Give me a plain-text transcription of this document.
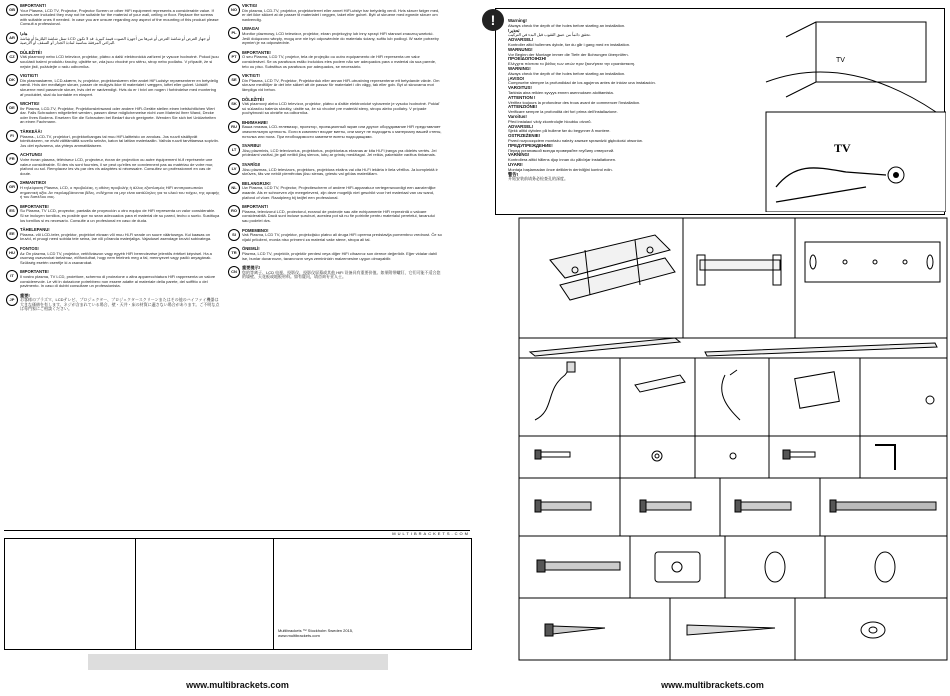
GB
IMPORTANT!
Your Plasma, LCD TV, Projector, Projector Screen or other HiFi equipment represents a considerable value. If screws are included they may not be suitable for the material of your wall, ceiling or floor. Replace the screws with suitable ones if needed. In case you are unsure regarding any aspect of the mounting of this product please Consult a professional.
AR
!هام
تمثل شاشة البلازما أو شاشة LCD أو جهاز العرض أو شاشة العرض أو غيرها من أجهزة الصوت قيمة كبيرة. قد لا تكون البراغي المرفقة مناسبة لمادة الجدار أو السقف أو الأرضية.
CZ
DŮLEŽITÉ!
Váš plazmový nebo LCD televizor, projektor, plátno a další elektronická zařízení je vysoce hodnotné. Pokud jsou součástí balení produktu šrouby, ujistěte se, zda jsou vhodné pro stěnu, strop nebo podlahu. V případě, že si nejste jisti, požádejte o radu odborníka.
DK
VIGTIGT!
Din plasmaskærm, LCD-skærm, tv, projektor, projektorskærm eller andet HiFi-udstyr repræsenterer en betydelig værdi. Hvis der medfølger skruer, passer de muligvis ikke til materialet i væggen, loftet eller gulvet. Udskift skruerne med passende skruer, hvis det er nødvendigt. Hvis du er i tvivl om nogen i forbindelse med montering af produktet, skal du kontakte en ekspert.
DE
WICHTIG!
Ihr Plasma, LCD-TV, Projektor, Projektionsleinwand oder andere HiFi-Geräte stellen einen beträchtlichen Wert dar. Falls Schrauben mitgeliefert werden, passen diese möglicherweise nicht zum Material Ihrer Wand, Decke oder Ihres Bodens. Ersetzen Sie die Schrauben bei Bedarf durch geeignete. Wenden Sie sich bei Unklarheiten an einen Fachmann.
FI
TÄRKEÄÄ!
Plasma-, LCD-TV, projektori, projektorikangas tai muu HiFi-laitteisto on arvokas. Jos ruuvit sisältyvät toimitukseen, ne eivät välttämättä sovellu seinän, katon tai lattian materiaaliin. Vaihda ruuvit tarvittaessa sopiviin. Jos olet epävarma, ota yhteys ammattilaiseen.
FR
ACHTUNG!
Votre écran plasma, téléviseur LCD, projecteur, écran de projection ou autre équipement hi-fi représente une valeur considérable. Si des vis sont fournies, il se peut qu'elles ne conviennent pas au matériau de votre mur, plafond ou sol. Remplacez les vis par des vis adaptées si nécessaire. Consultez un professionnel en cas de doute.
GR
ΣΗΜΑΝΤΙΚΟ!
Η τηλεόραση Plasma, LCD, ο προβολέας, η οθόνη προβολής ή άλλος εξοπλισμός HiFi αντιπροσωπεύει σημαντική αξία. Αν περιλαμβάνονται βίδες, ενδέχεται να μην είναι κατάλληλες για το υλικό του τοίχου, της οροφής ή του δαπέδου σας.
ES
IMPORTANTE!
Su Plasma, TV LCD, proyector, pantalla de proyección u otro equipo de HiFi representa un valor considerable. Si se incluyen tornillos, es posible que no sean adecuados para el material de su pared, techo o suelo. Sustituya los tornillos si es necesario. Consulte a un profesional en caso de duda.
EE
TÄHELEPANU!
Plasma- või LCD-teler, projektor, projektori ekraan või muu Hi-Fi seade on suure väärtusega. Kui kaasas on kruvid, ei pruugi need sobida teie seina, lae või põranda materjaliga. Vajadusel asendage kruvid sobivatega.
HU
FONTOS!
Az Ön plazma, LCD TV, projektor, vetítővászon vagy egyéb HiFi berendezése jelentős értéket képvisel. Ha a csomag csavarokat tartalmaz, előfordulhat, hogy nem felelnek meg a fal, mennyezet vagy padló anyagának. Szükség esetén cserélje ki a csavarokat.
IT
IMPORTANTE!
Il vostro plasma, TV LCD, proiettore, schermo di proiezione o altra apparecchiatura HiFi rappresenta un valore considerevole. Le viti in dotazione potrebbero non essere adatte al materiale della parete, del soffitto o del pavimento. In caso di dubbi consultare un professionista.
JP
重要!
お客様のプラズマ、LCDテレビ、プロジェクター、プロジェクタースクリーンまたはその他のハイファイ機器は大きな価値を有します。ネジが含まれている場合、壁・天井・床の材質に適さない場合があります。ご不明な点は専門家にご相談ください。
NO
VIKTIG!
Din plasma, LCD-TV, projektor, projektorlerret eller annet HiFi-utstyr har betydelig verdi. Hvis skruer følger med, er det ikke sikkert at de passer til materialet i veggen, taket eller gulvet. Bytt ut skruene med egnede skruer om nødvendig.
PL
UWAGA!
Monitor plazmowy, LCD telewizor, projektor, ekran projekcyjny lub inny sprzęt HiFi stanowi znaczną wartość. Jeśli dołączono wkręty, mogą one nie być odpowiednie do materiału ściany, sufitu lub podłogi. W razie potrzeby wymień je na odpowiednie.
PT
IMPORTANTE!
O seu Plasma, LCD TV, projetor, tela de projeção ou outro equipamento de HiFi representa um valor considerável. Se os parafusos estão incluídos eles podem não ser adequados para o material da sua parede, teto ou piso. Substitua os parafusos por adequados, se necessário.
SE
VIKTIGT!
Din Plasma, LCD TV, Projektor, Projektorduk eller annan HiFi-utrustning representerar ett betydande värde. Om skruvar medföljer är det inte säkert att de passar för materialet i din vägg, tak eller golv. Byt ut skruvarna mot lämpliga vid behov.
SK
DÔLEŽITÉ!
Váš plazmový alebo LCD televízor, projektor, plátno a ďalšie elektronické vybavenie je vysoko hodnotné. Pokiaľ sú súčasťou balenia skrutky, uistite sa, že sú vhodné pre materiál steny, stropu alebo podlahy. V prípade pochybností sa obráťte na odborníka.
RU
ВНИМАНИЕ!
Ваша плазма, LCD-телевизор, проектор, проекционный экран или другое оборудование HiFi представляет значительную ценность. Если в комплект входят винты, они могут не подходить к материалу вашей стены, потолка или пола. При необходимости замените винты подходящими.
LT
SVARBU!
Jūsų plazminis, LCD televizorius, projektorius, projektoriaus ekranas ar kita Hi-Fi įranga yra didelės vertės. Jei pridedami varžtai, jie gali netikti jūsų sienos, lubų ar grindų medžiagai. Jei reikia, pakeiskite varžtus tinkamais.
LV
SVARĪGI!
Jūsu plazmas, LCD televizors, projektors, projektora ekrāns vai cita Hi-Fi iekārta ir liela vērtība. Ja komplektā ir skrūves, tās var nebūt piemērotas jūsu sienas, griestu vai grīdas materiālam.
NL
BELANGRIJK!
Uw Plasma, LCD TV, Projector, Projectiescherm of andere HiFi-apparatuur vertegenwoordigt een aanzienlijke waarde. Als er schroeven zijn meegeleverd, zijn deze mogelijk niet geschikt voor het materiaal van uw wand, plafond of vloer. Raadpleeg bij twijfel een professional.
RO
IMPORTANT!
Plasma, televizorul LCD, proiectorul, ecranul de proiecție sau alte echipamente HiFi reprezintă o valoare considerabilă. Dacă sunt incluse șuruburi, acestea pot să nu fie potrivite pentru materialul peretelui, tavanului sau podelei dvs.
SI
POMEMBNO!
Vaš Plasma, LCD TV, projektor, projekcijsko platno ali druga HiFi oprema predstavlja pomembno vrednost. Če so vijaki priloženi, morda niso primerni za material vaše stene, stropa ali tal.
TR
ÖNEMLİ!
Plazma, LCD TV, projektör, projektör perdesi veya diğer HiFi cihazınız son derece değerlidir. Eğer vidalar dahil ise, bunlar duvarınızın, tavanınızın veya zemininizin malzemesine uygun olmayabilir.
CN
重要提示!
您的等离子、LCD 电视、投影仪、投影仪屏幕或其他 HiFi 设备具有重要价值。如果附带螺钉，它们可能不适合您的墙壁、天花板或地板材料。如有疑问，请咨询专业人士。
MULTIBRACKETS.COM
Multibrackets ™ Stockholm Sweden 2015,
www.multibrackets.com
www.multibrackets.com
!	Warning!
Always check the depth of the holes before starting an installation.
!تحذير
تحقق دائماً من عمق الثقوب قبل البدء في التركيب.
ADVARSEL!
Kontroller altid hullernes dybde, før du går i gang med en installation.
WARNUNG!
Vor Beginn der Montage immer die Tiefe der Bohrungen überprüfen.
ΠΡΟΕΙΔΟΠΟΙΗΣΗ!
Ελέγχετε πάντοτε το βάθος των οπών πριν ξεκινήσετε την εγκατάσταση.
WARNING!
Always check the depth of the holes before starting an installation.
¡AVISO!
Compruebe siempre la profundidad de los agujeros antes de iniciar una instalación.
VAROITUS!
Tarkista aina reikien syvyys ennen asennuksen aloittamista.
ATTENTION !
Vérifiez toujours la profondeur des trous avant de commencer l'installation.
ATTENZIONE!
Verificare sempre la profondità dei fori prima dell'installazione.
Varoitus!
Před instalací vždy zkontrolujte hloubku otvorů.
ADVARSEL!
Sjekk alltid dybden på hullene før du begynner å montere.
OSTRZEŻENIE!
Przed rozpoczęciem montażu należy zawsze sprawdzić głębokość otworów.
ПРЕДУПРЕЖДЕНИЕ!
Перед установкой всегда проверяйте глубину отверстий.
VARNING!
Kontrollera alltid hålens djup innan du påbörjar installationen.
UYARI!
Montaja başlamadan önce deliklerin derinliğini kontrol edin.
警告!
开始安装前请务必检查孔的深度。
TV
TV
www.multibrackets.com
